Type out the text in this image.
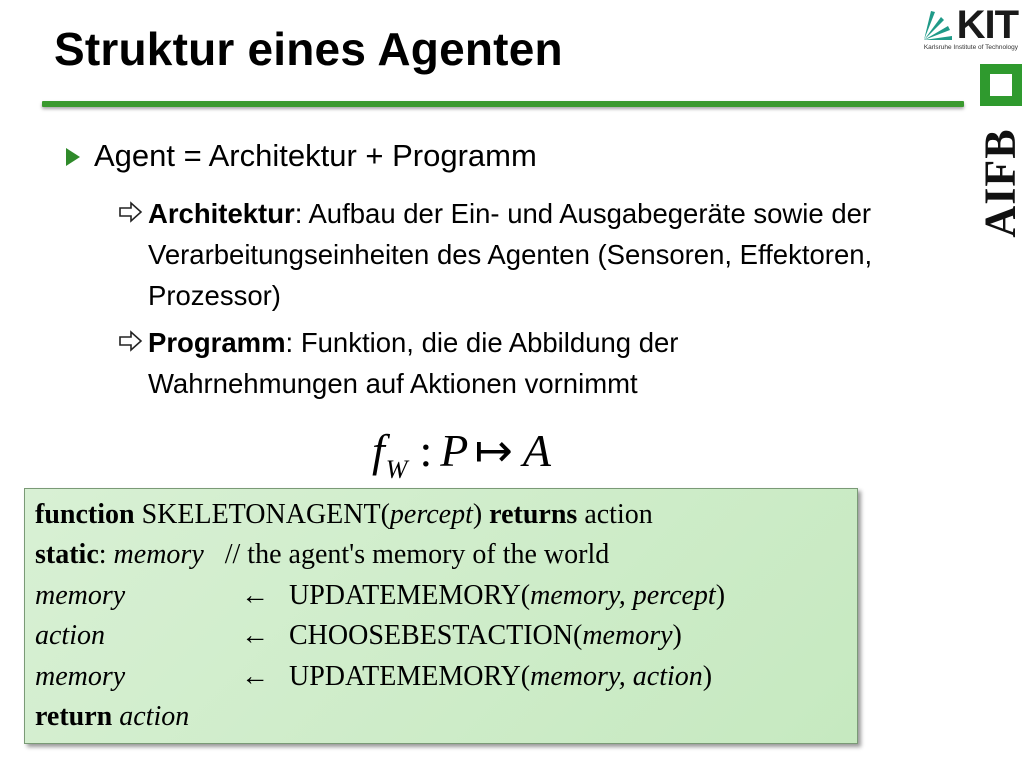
Struktur eines Agenten	KIT
Karlsruhe Institute of Technology
AIFB
Agent = Architektur + Programm
Architektur: Aufbau der Ein- und Ausgabegeräte sowie der Verarbeitungseinheiten des Agenten (Sensoren, Effektoren, Prozessor)
Programm: Funktion, die die Abbildung der Wahrnehmungen auf Aktionen vornimmt
$f_W$ : P ↦ A
function SKELETONAGENT(percept) returns action
static: memory // the agent's memory of the world
memory	← UPDATEMEMORY(memory, percept)
action	← CHOOSEBESTACTION(memory)
memory	← UPDATEMEMORY(memory, action)
return action
